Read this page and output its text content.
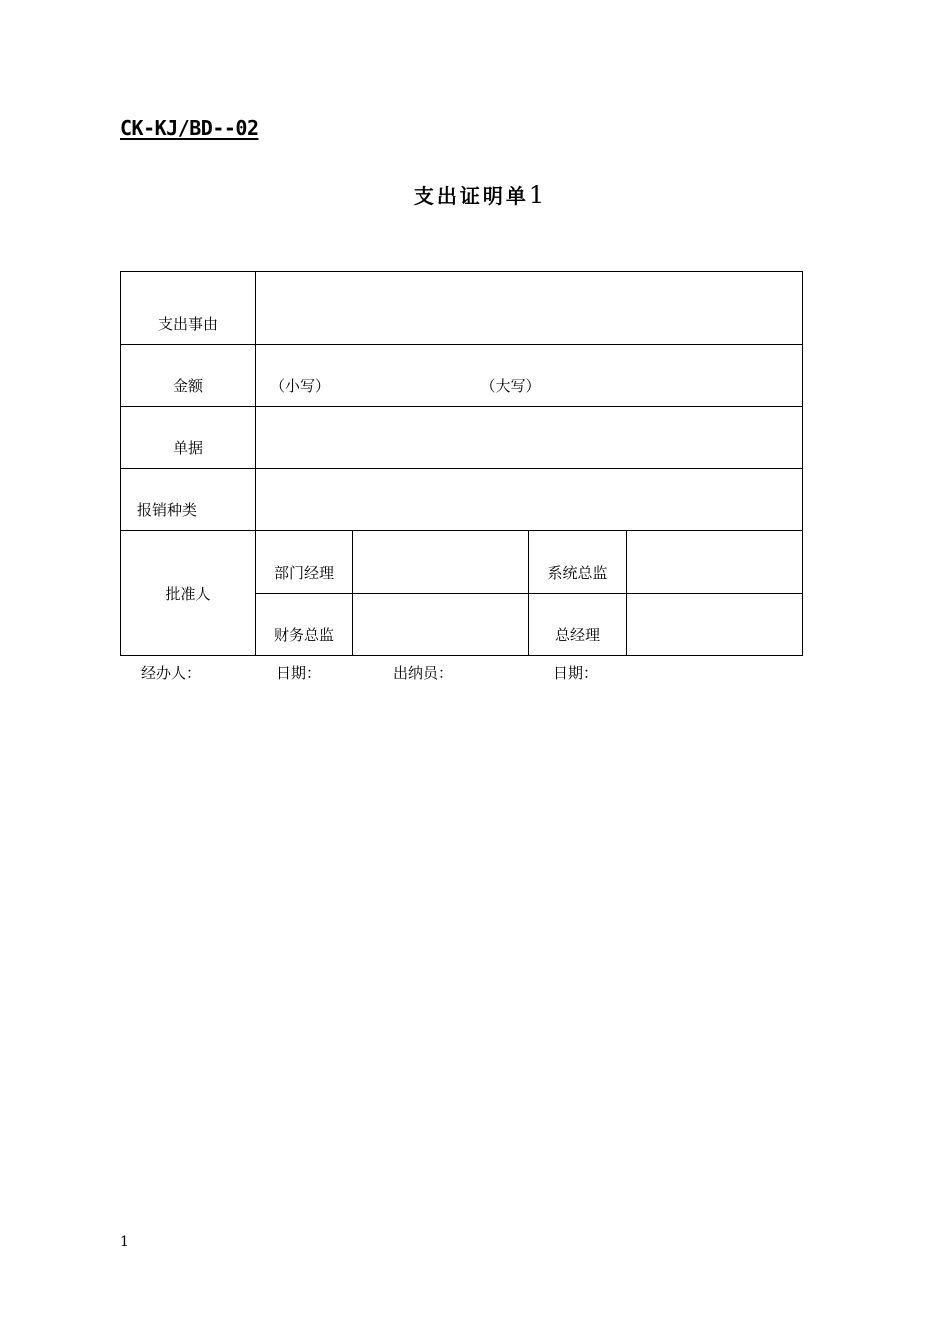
CK-KJ/BD--02
支出证明单1
支出事由				
金额	（小写） （大写）			
单据				
报销种类				
批准人	部门经理		系统总监	
	财务总监		总经理	
经办人：	日期：	出纳员：	日期：
1
